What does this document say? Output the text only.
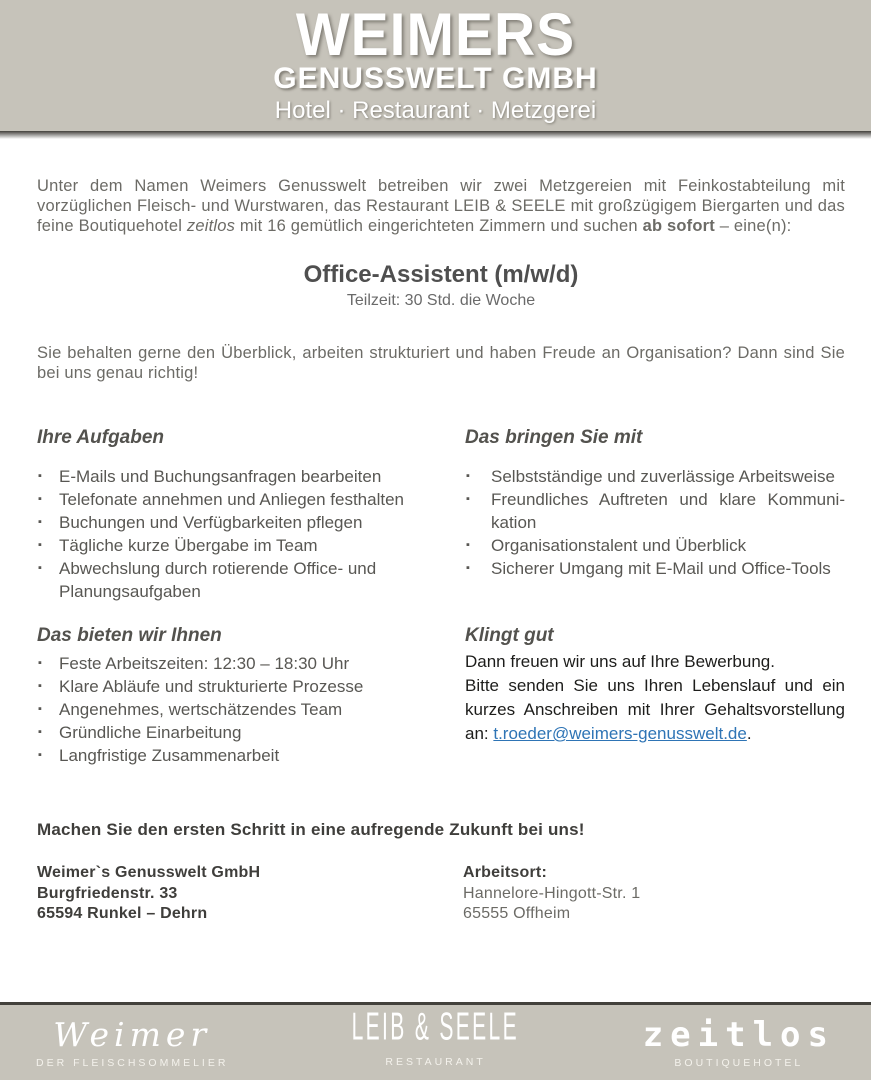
WEIMERS
GENUSSWELT GMBH
Hotel · Restaurant · Metzgerei

Unter dem Namen Weimers Genusswelt betreiben wir zwei Metzgereien mit Feinkostabteilung mit vorzüglichen Fleisch- und Wurstwaren, das Restaurant LEIB & SEELE mit großzügigem Biergarten und das feine Boutiquehotel zeitlos mit 16 gemütlich eingerichteten Zimmern und suchen ab sofort – eine(n):

Office-Assistent (m/w/d)
Teilzeit: 30 Std. die Woche

Sie behalten gerne den Überblick, arbeiten strukturiert und haben Freude an Organisation? Dann sind Sie bei uns genau richtig!

Ihre Aufgaben
▪ E-Mails und Buchungsanfragen bearbeiten
▪ Telefonate annehmen und Anliegen festhalten
▪ Buchungen und Verfügbarkeiten pflegen
▪ Tägliche kurze Übergabe im Team
▪ Abwechslung durch rotierende Office- und Planungsaufgaben
Das bringen Sie mit
▪ Selbstständige und zuverlässige Arbeitsweise
▪ Freundliches Auftreten und klare Kommuni-kation
▪ Organisationstalent und Überblick
▪ Sicherer Umgang mit E-Mail und Office-Tools
Das bieten wir Ihnen
▪ Feste Arbeitszeiten: 12:30 – 18:30 Uhr
▪ Klare Abläufe und strukturierte Prozesse
▪ Angenehmes, wertschätzendes Team
▪ Gründliche Einarbeitung
▪ Langfristige Zusammenarbeit
Klingt gut
Dann freuen wir uns auf Ihre Bewerbung.
Bitte senden Sie uns Ihren Lebenslauf und ein kurzes Anschreiben mit Ihrer Gehaltsvorstellung an: t.roeder@weimers-genusswelt.de.
Machen Sie den ersten Schritt in eine aufregende Zukunft bei uns!
Weimer`s Genusswelt GmbH
Burgfriedenstr. 33
65594 Runkel – Dehrn
Arbeitsort:
Hannelore-Hingott-Str. 1
65555 Offheim
Weimer
DER FLEISCHSOMMELIER
LEIB & SEELE
RESTAURANT
zeitlos
BOUTIQUEHOTEL
